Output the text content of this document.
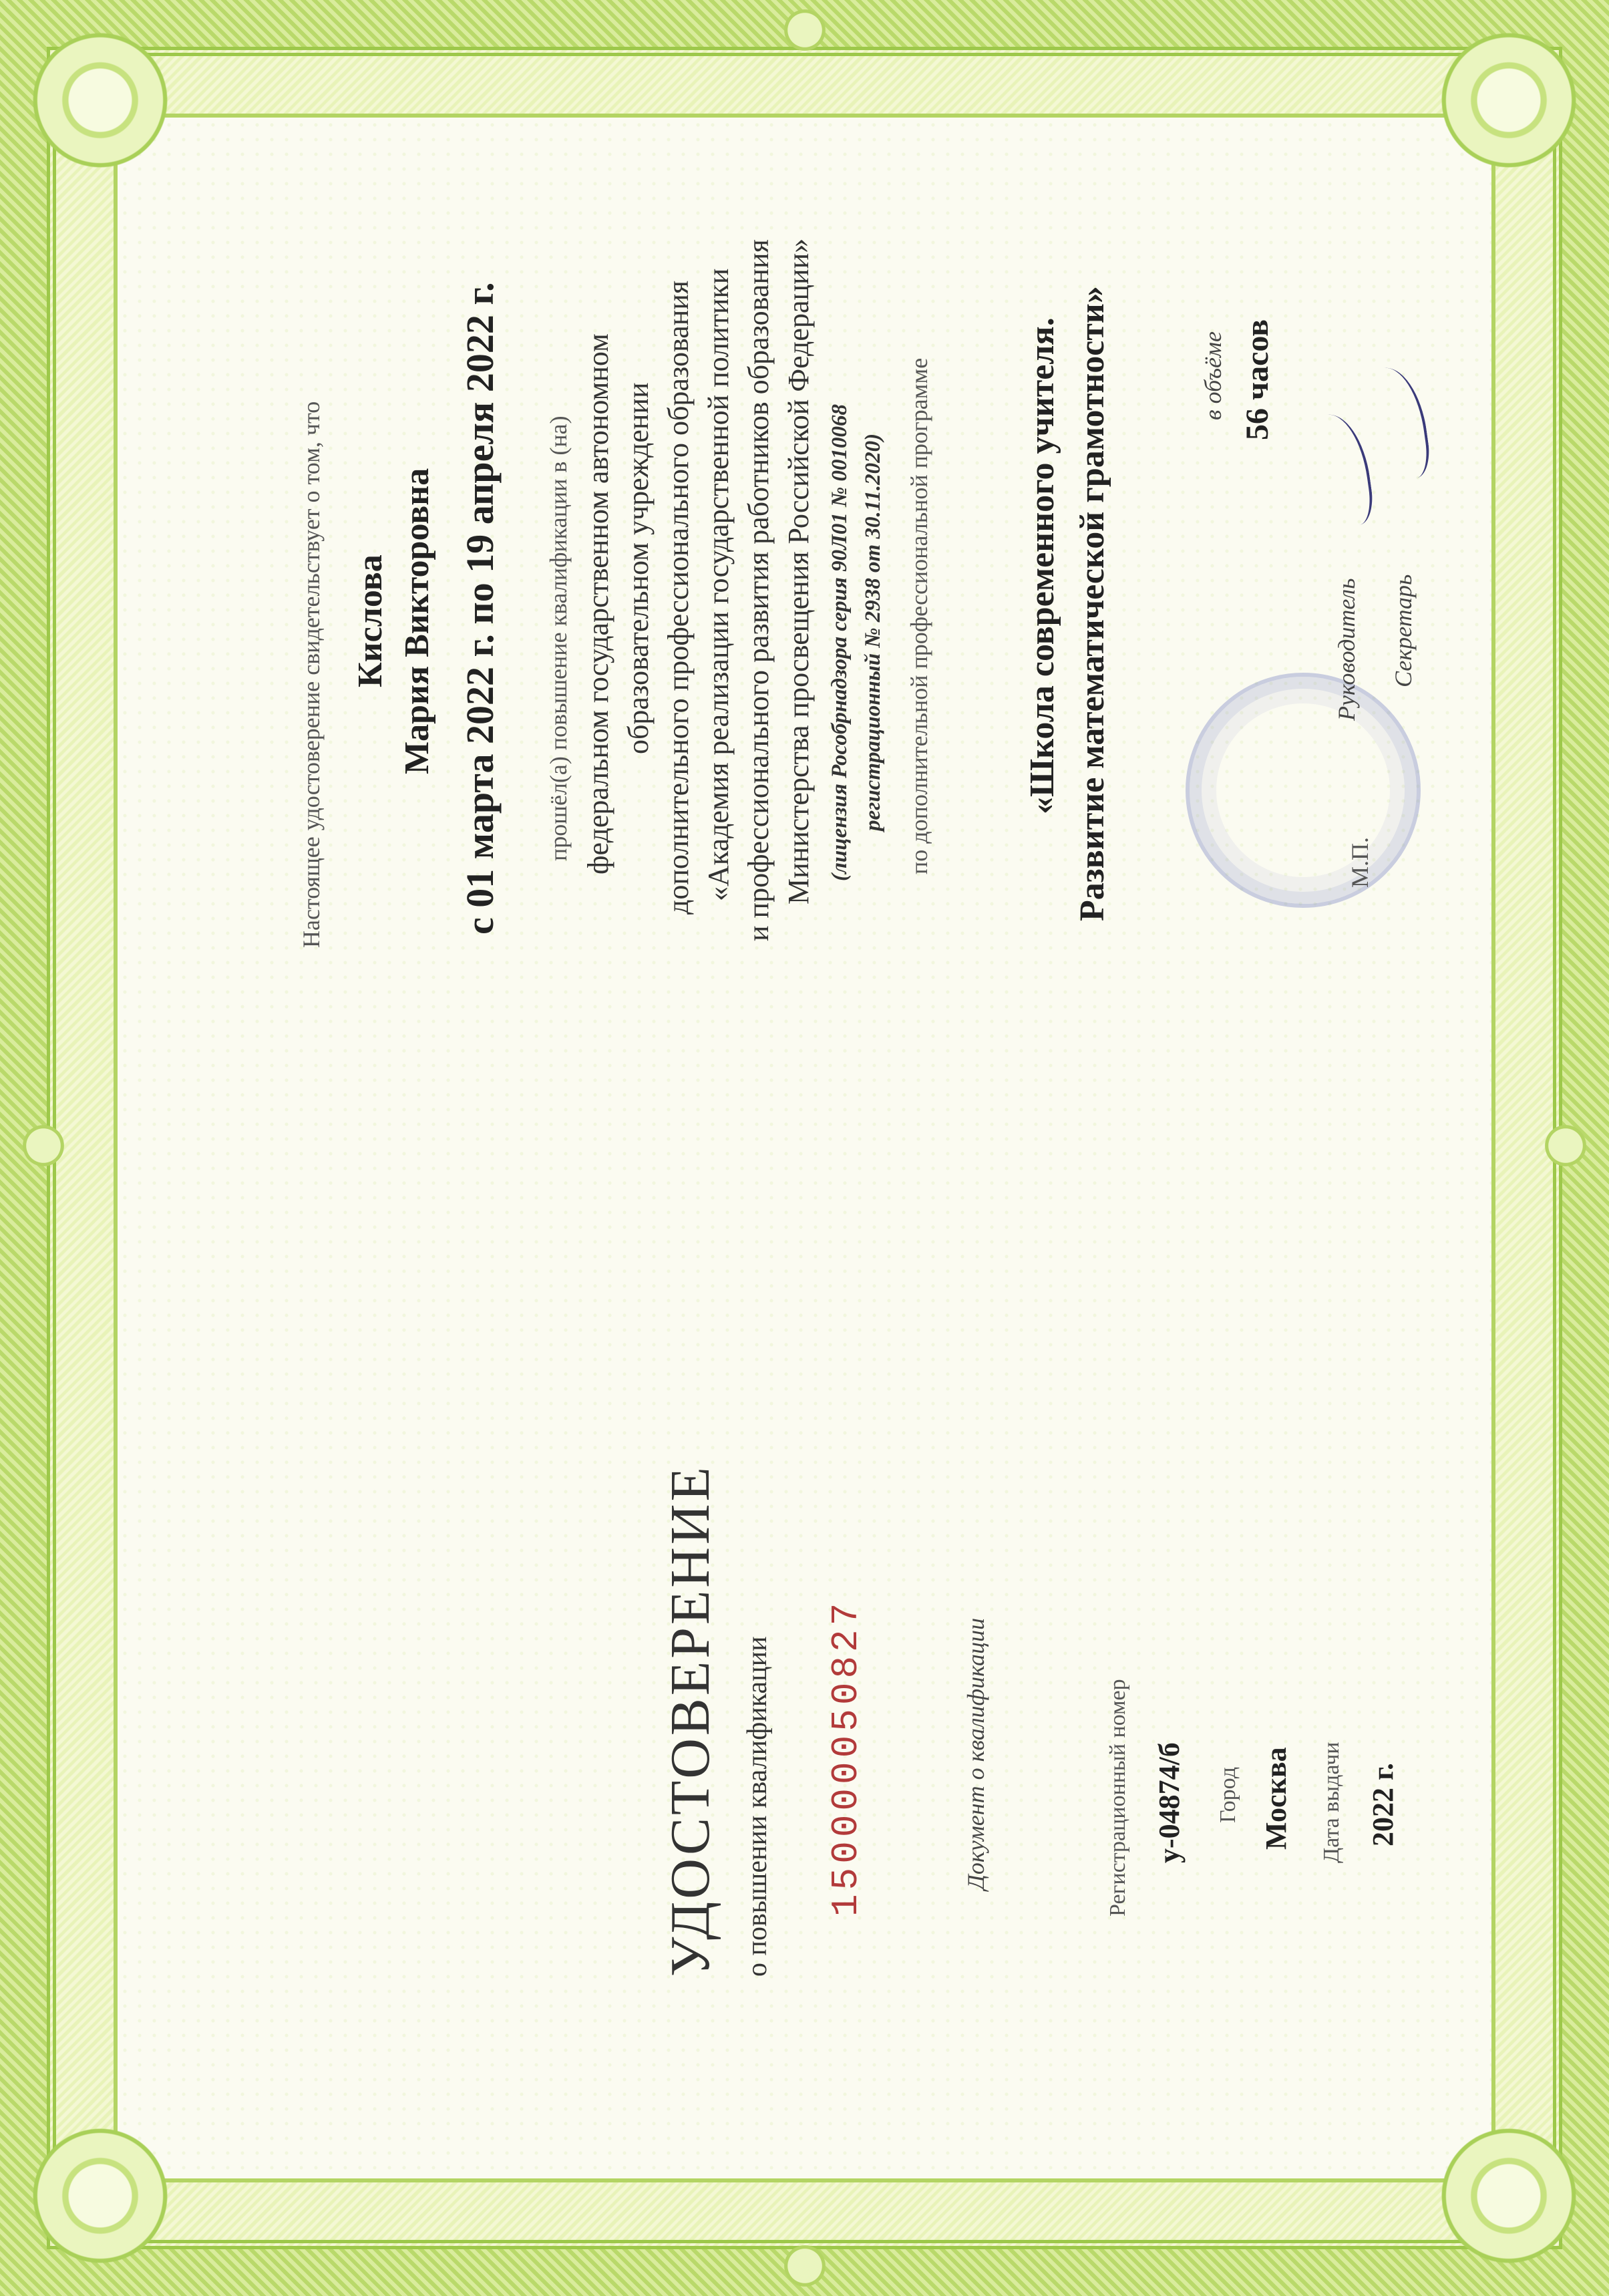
УДОСТОВЕРЕНИЕ о повышении квалификации 150000050827	Документ о квалификации	Регистрационный номер у-04874/б Город Москва Дата выдачи 2022 г.
Настоящее удостоверение свидетельствует о том, что Кислова Мария Викторовна с 01 марта 2022 г. по 19 апреля 2022 г. прошёл(а) повышение квалификации в (на) федеральном государственном автономном образовательном учреждении дополнительного профессионального образования «Академия реализации государственной политики и профессионального развития работников образования Министерства просвещения Российской Федерации» (лицензия Рособрнадзора серия 90Л01 № 0010068 регистрационный № 2938 от 30.11.2020) по дополнительной профессиональной программе	«Школа современного учителя. Развитие математической грамотности»	в объёме 56 часов
М.П.
Руководитель Секретарь
